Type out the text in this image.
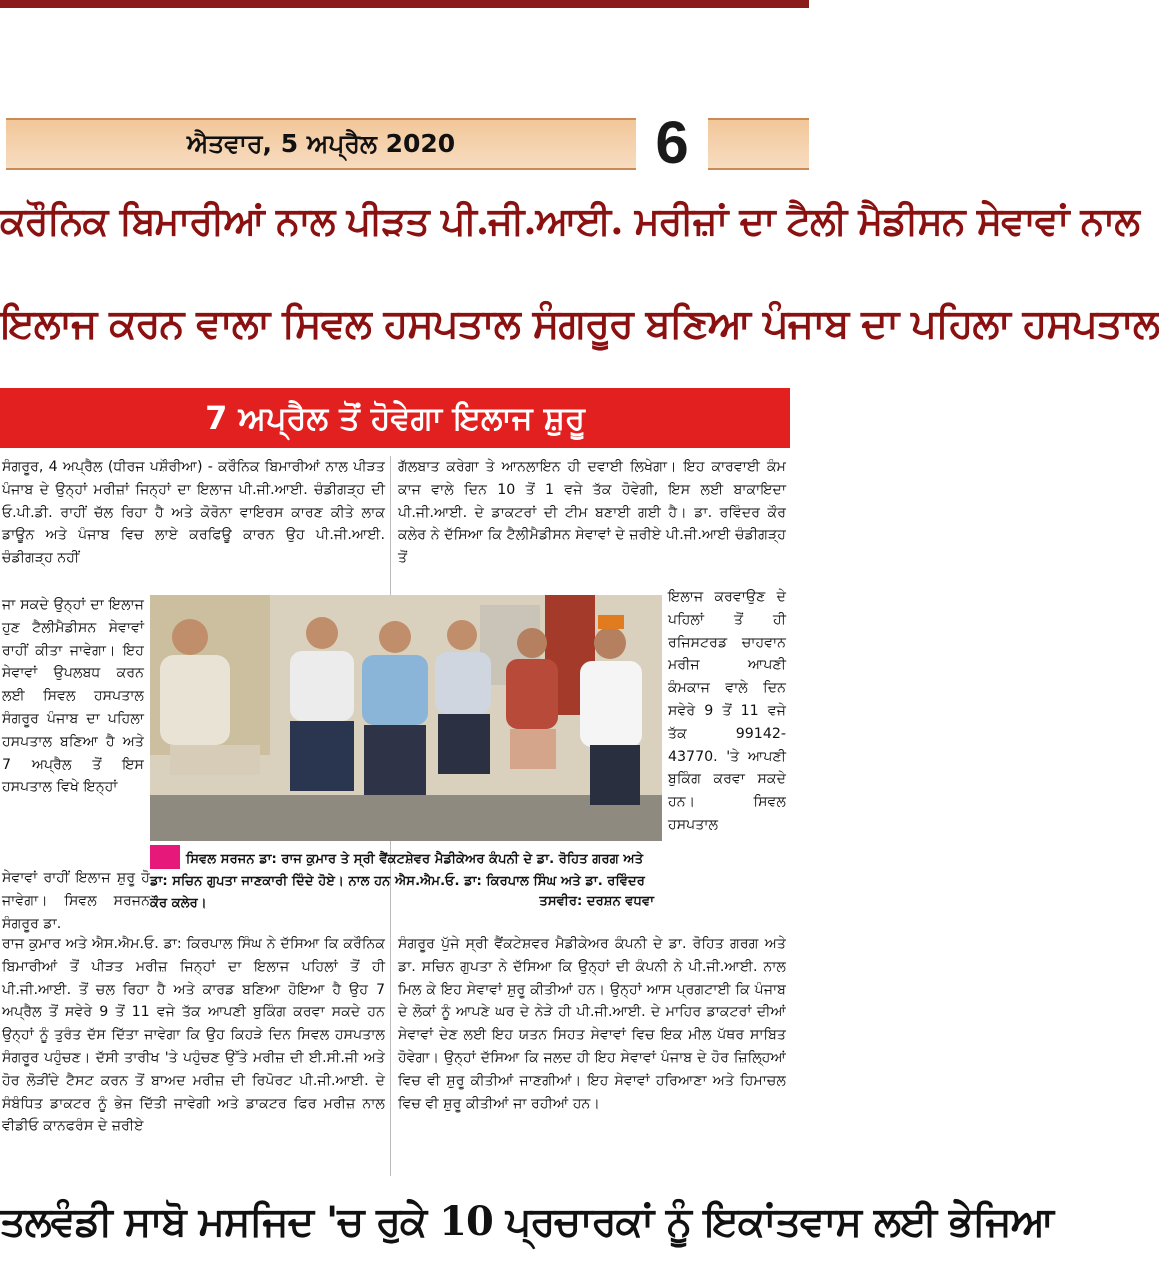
ਐਤਵਾਰ, 5 ਅਪ੍ਰੈਲ 2020	6
ਕਰੌਨਿਕ ਬਿਮਾਰੀਆਂ ਨਾਲ ਪੀੜਤ ਪੀ.ਜੀ.ਆਈ. ਮਰੀਜ਼ਾਂ ਦਾ ਟੈਲੀ ਮੈਡੀਸਨ ਸੇਵਾਵਾਂ ਨਾਲ
ਇਲਾਜ ਕਰਨ ਵਾਲਾ ਸਿਵਲ ਹਸਪਤਾਲ ਸੰਗਰੂਰ ਬਣਿਆ ਪੰਜਾਬ ਦਾ ਪਹਿਲਾ ਹਸਪਤਾਲ
7 ਅਪ੍ਰੈਲ ਤੋਂ ਹੋਵੇਗਾ ਇਲਾਜ ਸ਼ੁਰੂ

ਸੰਗਰੂਰ, 4 ਅਪ੍ਰੈਲ (ਧੀਰਜ ਪਸ਼ੌਰੀਆ) - ਕਰੌਨਿਕ ਬਿਮਾਰੀਆਂ ਨਾਲ ਪੀੜਤ ਪੰਜਾਬ ਦੇ ਉਨ੍ਹਾਂ ਮਰੀਜ਼ਾਂ ਜਿਨ੍ਹਾਂ ਦਾ ਇਲਾਜ ਪੀ.ਜੀ.ਆਈ. ਚੰਡੀਗੜ੍ਹ ਦੀ ਓ.ਪੀ.ਡੀ. ਰਾਹੀਂ ਚੱਲ ਰਿਹਾ ਹੈ ਅਤੇ ਕੋਰੋਨਾ ਵਾਇਰਸ ਕਾਰਣ ਕੀਤੇ ਲਾਕ ਡਾਊਨ ਅਤੇ ਪੰਜਾਬ ਵਿਚ ਲਾਏ ਕਰਫਿਊ ਕਾਰਨ ਉਹ ਪੀ.ਜੀ.ਆਈ. ਚੰਡੀਗੜ੍ਹ ਨਹੀਂ

ਜਾ ਸਕਦੇ ਉਨ੍ਹਾਂ ਦਾ ਇਲਾਜ ਹੁਣ ਟੈਲੀਮੈਡੀਸਨ ਸੇਵਾਵਾਂ ਰਾਹੀਂ ਕੀਤਾ ਜਾਵੇਗਾ। ਇਹ ਸੇਵਾਵਾਂ ਉਪਲਬਧ ਕਰਨ ਲਈ ਸਿਵਲ ਹਸਪਤਾਲ ਸੰਗਰੂਰ ਪੰਜਾਬ ਦਾ ਪਹਿਲਾ ਹਸਪਤਾਲ ਬਣਿਆ ਹੈ ਅਤੇ 7 ਅਪ੍ਰੈਲ ਤੋਂ ਇਸ ਹਸਪਤਾਲ ਵਿਖੇ ਇਨ੍ਹਾਂ

ਸੇਵਾਵਾਂ ਰਾਹੀਂ ਇਲਾਜ ਸ਼ੁਰੂ ਹੋ ਜਾਵੇਗਾ। ਸਿਵਲ ਸਰਜਨ ਸੰਗਰੂਰ ਡਾ.

ਗੱਲਬਾਤ ਕਰੇਗਾ ਤੇ ਆਨਲਾਇਨ ਹੀ ਦਵਾਈ ਲਿਖੇਗਾ। ਇਹ ਕਾਰਵਾਈ ਕੰਮ ਕਾਜ ਵਾਲੇ ਦਿਨ 10 ਤੋਂ 1 ਵਜੇ ਤੱਕ ਹੋਵੇਗੀ, ਇਸ ਲਈ ਬਾਕਾਇਦਾ ਪੀ.ਜੀ.ਆਈ. ਦੇ ਡਾਕਟਰਾਂ ਦੀ ਟੀਮ ਬਣਾਈ ਗਈ ਹੈ। ਡਾ. ਰਵਿੰਦਰ ਕੌਰ ਕਲੇਰ ਨੇ ਦੱਸਿਆ ਕਿ ਟੈਲੀਮੈਡੀਸਨ ਸੇਵਾਵਾਂ ਦੇ ਜ਼ਰੀਏ ਪੀ.ਜੀ.ਆਈ ਚੰਡੀਗੜ੍ਹ ਤੋਂ

ਇਲਾਜ ਕਰਵਾਉਣ ਦੇ ਪਹਿਲਾਂ ਤੋਂ ਹੀ ਰਜਿਸਟਰਡ ਚਾਹਵਾਨ ਮਰੀਜ ਆਪਣੀ ਕੰਮਕਾਜ ਵਾਲੇ ਦਿਨ ਸਵੇਰੇ 9 ਤੋਂ 11 ਵਜੇ ਤੱਕ 99142-43770. 'ਤੇ ਆਪਣੀ ਬੁਕਿੰਗ ਕਰਵਾ ਸਕਦੇ ਹਨ। ਸਿਵਲ ਹਸਪਤਾਲ

ਸਿਵਲ ਸਰਜਨ ਡਾ: ਰਾਜ ਕੁਮਾਰ ਤੇ ਸ੍ਰੀ ਵੈਂਕਟਸ਼ੇਵਰ ਮੈਡੀਕੇਅਰ ਕੰਪਨੀ ਦੇ ਡਾ. ਰੋਹਿਤ ਗਰਗ ਅਤੇ ਡਾ: ਸਚਿਨ ਗੁਪਤਾ ਜਾਣਕਾਰੀ ਦਿੰਦੇ ਹੋਏ। ਨਾਲ ਹਨ ਐਸ.ਐਮ.ਓ. ਡਾ: ਕਿਰਪਾਲ ਸਿੰਘ ਅਤੇ ਡਾ. ਰਵਿੰਦਰ ਕੌਰ ਕਲੇਰ।	ਤਸਵੀਰ: ਦਰਸ਼ਨ ਵਧਵਾ

ਰਾਜ ਕੁਮਾਰ ਅਤੇ ਐਸ.ਐਮ.ਓ. ਡਾ: ਕਿਰਪਾਲ ਸਿੰਘ ਨੇ ਦੱਸਿਆ ਕਿ ਕਰੌਨਿਕ ਬਿਮਾਰੀਆਂ ਤੋਂ ਪੀੜਤ ਮਰੀਜ਼ ਜਿਨ੍ਹਾਂ ਦਾ ਇਲਾਜ ਪਹਿਲਾਂ ਤੋਂ ਹੀ ਪੀ.ਜੀ.ਆਈ. ਤੋਂ ਚਲ ਰਿਹਾ ਹੈ ਅਤੇ ਕਾਰਡ ਬਣਿਆ ਹੋਇਆ ਹੈ ਉਹ 7 ਅਪ੍ਰੈਲ ਤੋਂ ਸਵੇਰੇ 9 ਤੋਂ 11 ਵਜੇ ਤੱਕ ਆਪਣੀ ਬੁਕਿੰਗ ਕਰਵਾ ਸਕਦੇ ਹਨ ਉਨ੍ਹਾਂ ਨੂੰ ਤੁਰੰਤ ਦੱਸ ਦਿੱਤਾ ਜਾਵੇਗਾ ਕਿ ਉਹ ਕਿਹੜੇ ਦਿਨ ਸਿਵਲ ਹਸਪਤਾਲ ਸੰਗਰੂਰ ਪਹੁੰਚਣ। ਦੱਸੀ ਤਾਰੀਖ 'ਤੇ ਪਹੁੰਚਣ ਉੱਤੇ ਮਰੀਜ਼ ਦੀ ਈ.ਸੀ.ਜੀ ਅਤੇ ਹੋਰ ਲੋੜੀਂਦੇ ਟੈਸਟ ਕਰਨ ਤੋਂ ਬਾਅਦ ਮਰੀਜ਼ ਦੀ ਰਿਪੋਰਟ ਪੀ.ਜੀ.ਆਈ. ਦੇ ਸੰਬੰਧਿਤ ਡਾਕਟਰ ਨੂੰ ਭੇਜ ਦਿੱਤੀ ਜਾਵੇਗੀ ਅਤੇ ਡਾਕਟਰ ਫਿਰ ਮਰੀਜ਼ ਨਾਲ ਵੀਡੀਓ ਕਾਨਫਰੰਸ ਦੇ ਜ਼ਰੀਏ

ਸੰਗਰੂਰ ਪੁੱਜੇ ਸ੍ਰੀ ਵੈਂਕਟੇਸ਼ਵਰ ਮੈਡੀਕੇਅਰ ਕੰਪਨੀ ਦੇ ਡਾ. ਰੋਹਿਤ ਗਰਗ ਅਤੇ ਡਾ. ਸਚਿਨ ਗੁਪਤਾ ਨੇ ਦੱਸਿਆ ਕਿ ਉਨ੍ਹਾਂ ਦੀ ਕੰਪਨੀ ਨੇ ਪੀ.ਜੀ.ਆਈ. ਨਾਲ ਮਿਲ ਕੇ ਇਹ ਸੇਵਾਵਾਂ ਸ਼ੁਰੂ ਕੀਤੀਆਂ ਹਨ। ਉਨ੍ਹਾਂ ਆਸ ਪ੍ਰਗਟਾਈ ਕਿ ਪੰਜਾਬ ਦੇ ਲੋਕਾਂ ਨੂੰ ਆਪਣੇ ਘਰ ਦੇ ਨੇੜੇ ਹੀ ਪੀ.ਜੀ.ਆਈ. ਦੇ ਮਾਹਿਰ ਡਾਕਟਰਾਂ ਦੀਆਂ ਸੇਵਾਵਾਂ ਦੇਣ ਲਈ ਇਹ ਯਤਨ ਸਿਹਤ ਸੇਵਾਵਾਂ ਵਿਚ ਇਕ ਮੀਲ ਪੱਥਰ ਸਾਬਿਤ ਹੋਵੇਗਾ। ਉਨ੍ਹਾਂ ਦੱਸਿਆ ਕਿ ਜਲਦ ਹੀ ਇਹ ਸੇਵਾਵਾਂ ਪੰਜਾਬ ਦੇ ਹੋਰ ਜ਼ਿਲ੍ਹਿਆਂ ਵਿਚ ਵੀ ਸ਼ੁਰੂ ਕੀਤੀਆਂ ਜਾਣਗੀਆਂ। ਇਹ ਸੇਵਾਵਾਂ ਹਰਿਆਣਾ ਅਤੇ ਹਿਮਾਚਲ ਵਿਚ ਵੀ ਸ਼ੁਰੂ ਕੀਤੀਆਂ ਜਾ ਰਹੀਆਂ ਹਨ।

ਤਲਵੰਡੀ ਸਾਬੋ ਮਸਜਿਦ 'ਚ ਰੁਕੇ 10 ਪ੍ਰਚਾਰਕਾਂ ਨੂੰ ਇਕਾਂਤਵਾਸ ਲਈ ਭੇਜਿਆ
